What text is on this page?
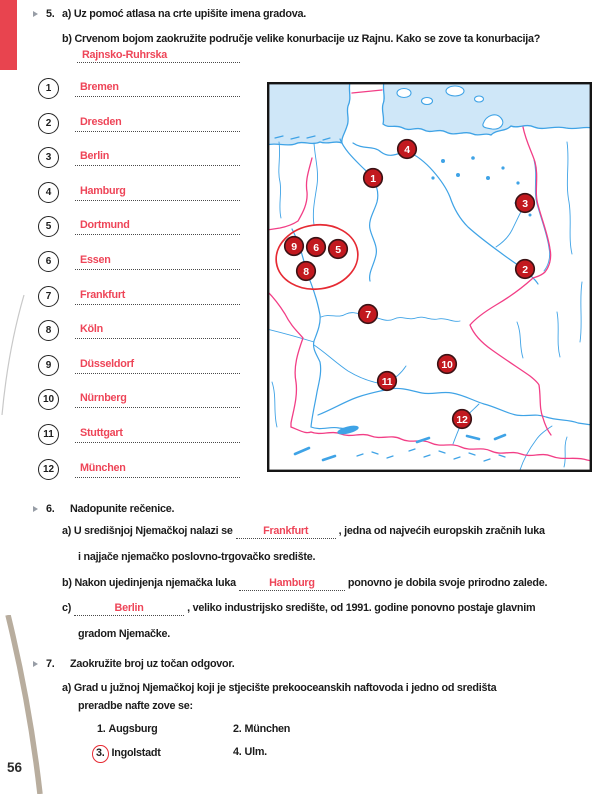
5. a) Uz pomoć atlasa na crte upišite imena gradova.
b) Crvenom bojom zaokružite područje velike konurbacije uz Rajnu. Kako se zove ta konurbacija?
Rajnsko-Ruhrska
1	Bremen
2	Dresden
3	Berlin
4	Hamburg
5	Dortmund
6	Essen
7	Frankfurt
8	Köln
9	Düsseldorf
10	Nürnberg
11	Stuttgart
12	München
1
2
3
4
5
6
7
8
9
10
11
12
6. Nadopunite rečenice.
a) U središnjoj Njemačkoj nalazi se	Frankfurt	, jedna od najvećih europskih zračnih luka
i najjače njemačko poslovno-trgovačko središte.
b) Nakon ujedinjenja njemačka luka	Hamburg	ponovno je dobila svoje prirodno zalede.
c)	Berlin	, veliko industrijsko središte, od 1991. godine ponovno postaje glavnim
gradom Njemačke.
7. Zaokružite broj uz točan odgovor.
a) Grad u južnoj Njemačkoj koji je stjecište prekooceanskih naftovoda i jedno od središta
preradbe nafte zove se:
1. Augsburg	2. München
3. Ingolstadt	4. Ulm.
56
